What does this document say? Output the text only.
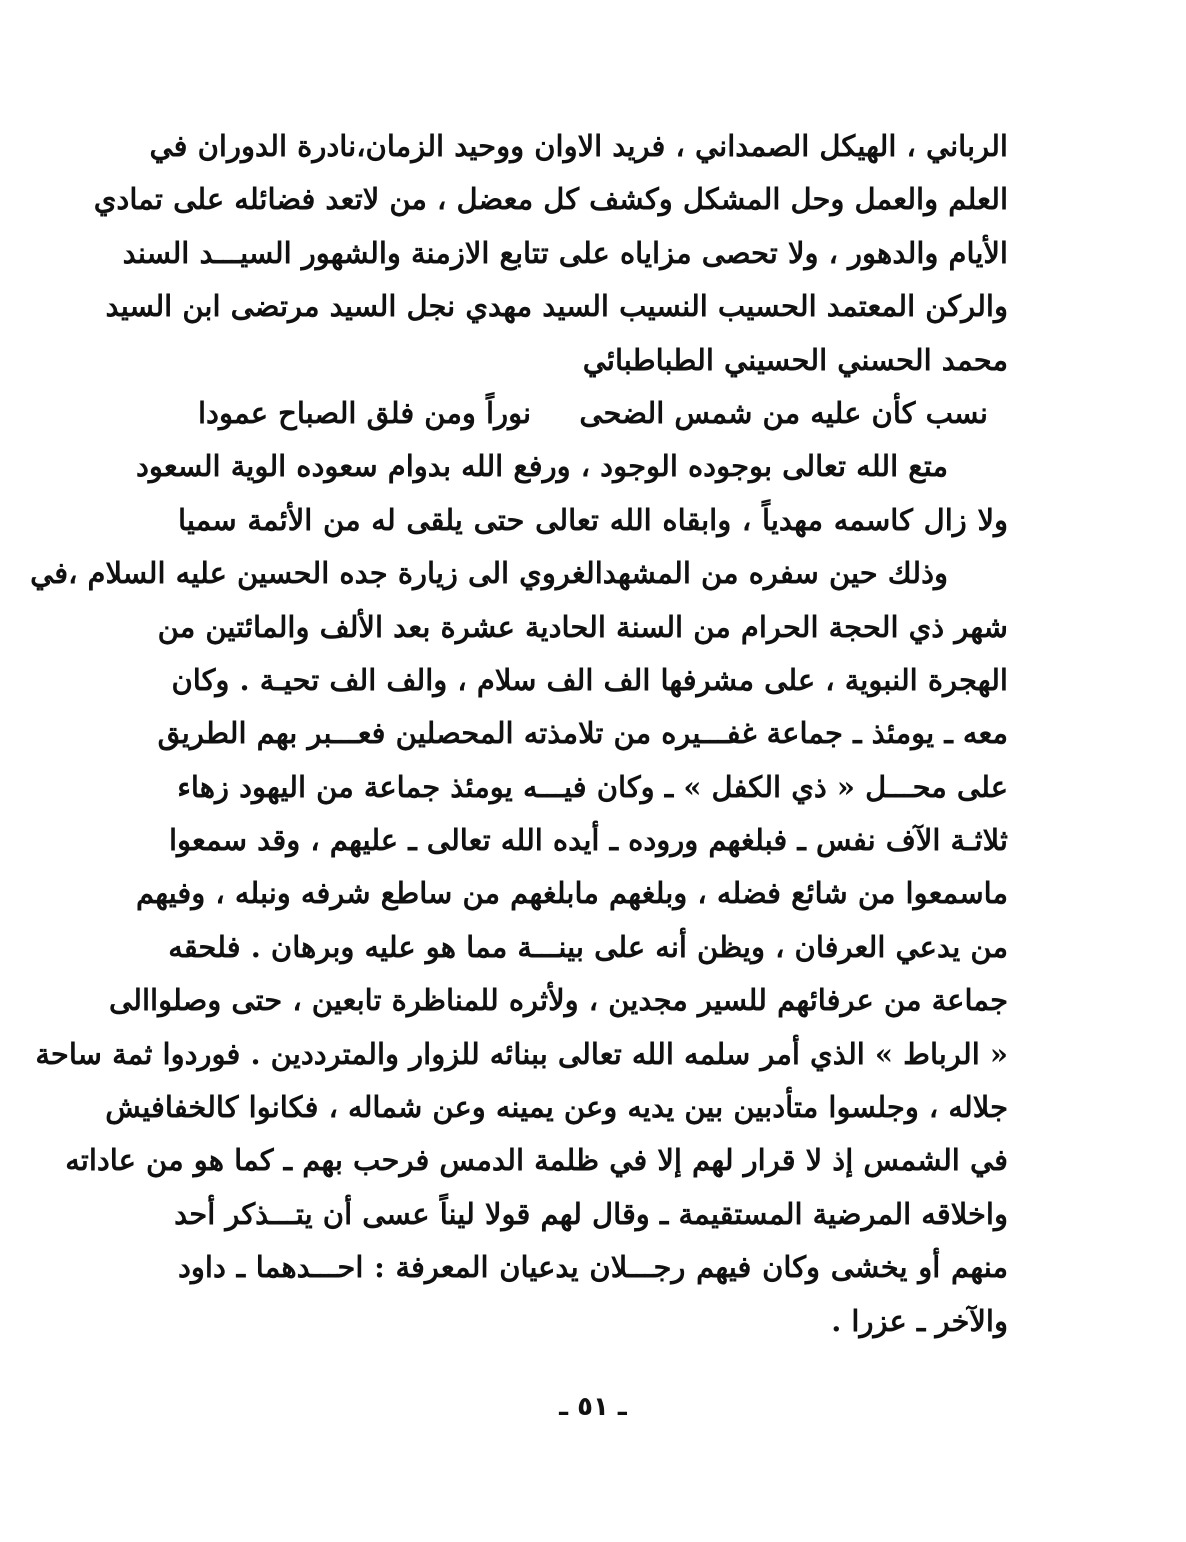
الرباني ، الهيكل الصمداني ، فريد الاوان ووحيد الزمان،نادرة الدوران في
العلم والعمل وحل المشكل وكشف كل معضل ، من لاتعد فضائله على تمادي
الأيام والدهور ، ولا تحصى مزاياه على تتابع الازمنة والشهور السيـــد السند
والركن المعتمد الحسيب النسيب السيد مهدي نجل السيد مرتضى ابن السيد
محمد الحسني الحسيني الطباطبائي
نسب كأن عليه من شمس الضحى
نوراً ومن فلق الصباح عمودا
متع الله تعالى بوجوده الوجود ، ورفع الله بدوام سعوده الوية السعود
ولا زال كاسمه مهدياً ، وابقاه الله تعالى حتى يلقى له من الأئمة سميا
وذلك حين سفره من المشهدالغروي الى زيارة جده الحسين عليه السلام ،في
شهر ذي الحجة الحرام من السنة الحادية عشرة بعد الألف والمائتين من
الهجرة النبوية ، على مشرفها الف الف سلام ، والف الف تحيـة . وكان
معه ـ يومئذ ـ جماعة غفـــيره من تلامذته المحصلين فعـــبر بهم الطريق
على محـــل « ذي الكفل » ـ وكان فيـــه يومئذ جماعة من اليهود زهاء
ثلاثـة الآف نفس ـ فبلغهم وروده ـ أيده الله تعالى ـ عليهم ، وقد سمعوا
ماسمعوا من شائع فضله ، وبلغهم مابلغهم من ساطع شرفه ونبله ، وفيهم
من يدعي العرفان ، ويظن أنه على بينـــة مما هو عليه وبرهان . فلحقه
جماعة من عرفائهم للسير مجدين ، ولأثره للمناظرة تابعين ، حتى وصلواالى
« الرباط » الذي أمر سلمه الله تعالى ببنائه للزوار والمترددين . فوردوا ثمة ساحة
جلاله ، وجلسوا متأدبين بين يديه وعن يمينه وعن شماله ، فكانوا كالخفافيش
في الشمس إذ لا قرار لهم إلا في ظلمة الدمس فرحب بهم ـ كما هو من عاداته
واخلاقه المرضية المستقيمة ـ وقال لهم قولا ليناً عسى أن يتـــذكر أحد
منهم أو يخشى وكان فيهم رجـــلان يدعيان المعرفة : احـــدهما ـ داود
والآخر ـ عزرا .
ـ ٥١ ـ
